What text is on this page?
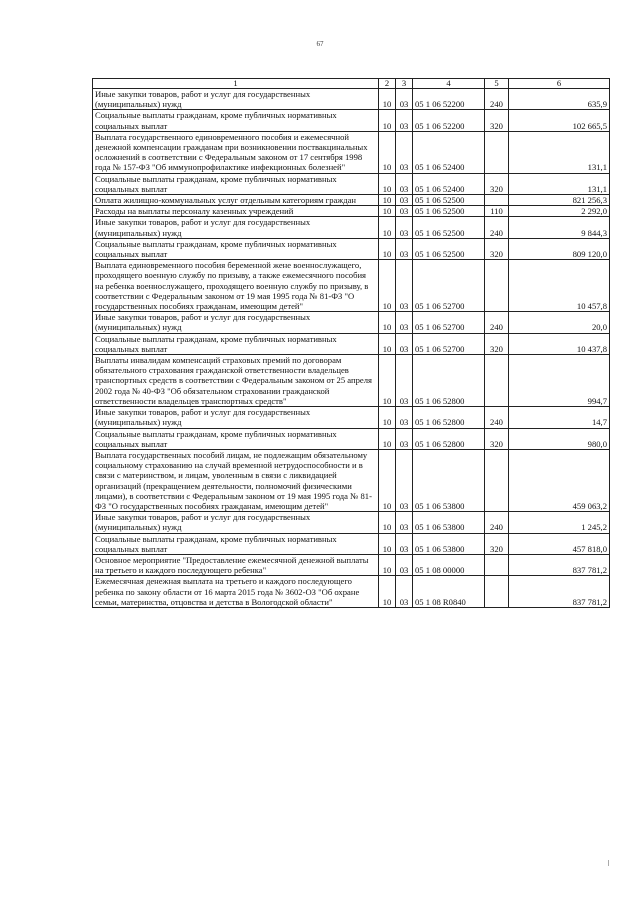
67
1	2	3	4	5	6
Иные закупки товаров, работ и услуг для государственных (муниципальных) нужд	10	03	05 1 06 52200	240	635,9
Социальные выплаты гражданам, кроме публичных нормативных социальных выплат	10	03	05 1 06 52200	320	102 665,5
Выплата государственного единовременного пособия и ежемесячной денежной компенсации гражданам при возникновении поствакцинальных осложнений в соответствии с Федеральным законом от 17 сентября 1998 года № 157-ФЗ "Об иммунопрофилактике инфекционных болезней"	10	03	05 1 06 52400		131,1
Социальные выплаты гражданам, кроме публичных нормативных социальных выплат	10	03	05 1 06 52400	320	131,1
Оплата жилищно-коммунальных услуг отдельным категориям граждан	10	03	05 1 06 52500		821 256,3
Расходы на выплаты персоналу казенных учреждений	10	03	05 1 06 52500	110	2 292,0
Иные закупки товаров, работ и услуг для государственных (муниципальных) нужд	10	03	05 1 06 52500	240	9 844,3
Социальные выплаты гражданам, кроме публичных нормативных социальных выплат	10	03	05 1 06 52500	320	809 120,0
Выплата единовременного пособия беременной жене военнослужащего, проходящего военную службу по призыву, а также ежемесячного пособия на ребенка военнослужащего, проходящего военную службу по призыву, в соответствии с Федеральным законом от 19 мая 1995 года № 81-ФЗ "О государственных пособиях гражданам, имеющим детей"	10	03	05 1 06 52700		10 457,8
Иные закупки товаров, работ и услуг для государственных (муниципальных) нужд	10	03	05 1 06 52700	240	20,0
Социальные выплаты гражданам, кроме публичных нормативных социальных выплат	10	03	05 1 06 52700	320	10 437,8
Выплаты инвалидам компенсаций страховых премий по договорам обязательного страхования гражданской ответственности владельцев транспортных средств в соответствии с Федеральным законом от 25 апреля 2002 года № 40-ФЗ "Об обязательном страховании гражданской ответственности владельцев транспортных средств"	10	03	05 1 06 52800		994,7
Иные закупки товаров, работ и услуг для государственных (муниципальных) нужд	10	03	05 1 06 52800	240	14,7
Социальные выплаты гражданам, кроме публичных нормативных социальных выплат	10	03	05 1 06 52800	320	980,0
Выплата государственных пособий лицам, не подлежащим обязательному социальному страхованию на случай временной нетрудоспособности и в связи с материнством, и лицам, уволенным в связи с ликвидацией организаций (прекращением деятельности, полномочий физическими лицами), в соответствии с Федеральным законом от 19 мая 1995 года № 81-ФЗ "О государственных пособиях гражданам, имеющим детей"	10	03	05 1 06 53800		459 063,2
Иные закупки товаров, работ и услуг для государственных (муниципальных) нужд	10	03	05 1 06 53800	240	1 245,2
Социальные выплаты гражданам, кроме публичных нормативных социальных выплат	10	03	05 1 06 53800	320	457 818,0
Основное мероприятие "Предоставление ежемесячной денежной выплаты на третьего и каждого последующего ребенка"	10	03	05 1 08 00000		837 781,2
Ежемесячная денежная выплата на третьего и каждого последующего ребенка по закону области от 16 марта 2015 года № 3602-ОЗ "Об охране семьи, материнства, отцовства и детства в Вологодской области"	10	03	05 1 08 R0840		837 781,2
